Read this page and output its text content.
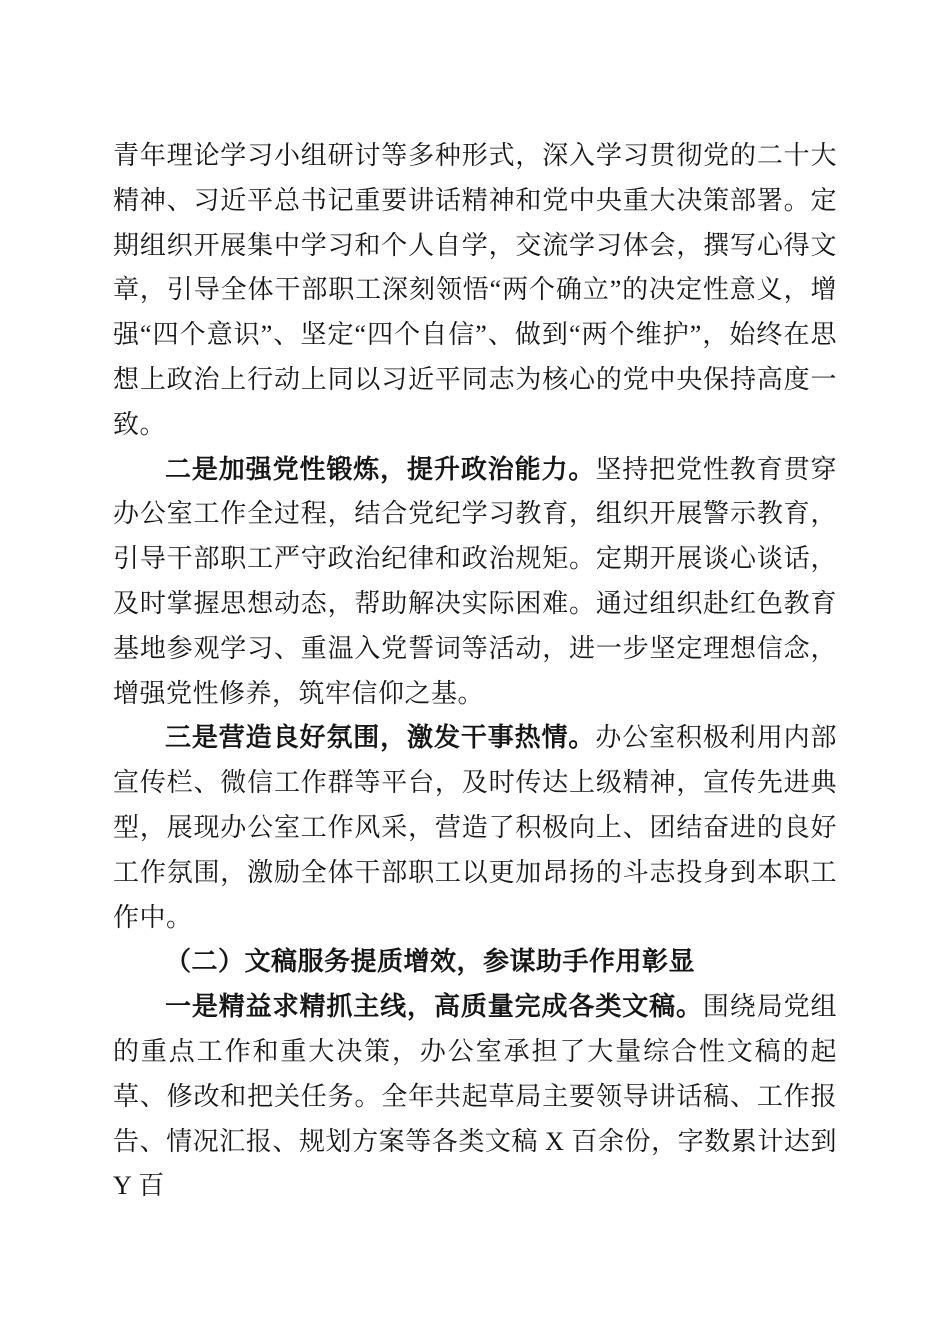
青年理论学习小组研讨等多种形式，深入学习贯彻党的二十大精神、习近平总书记重要讲话精神和党中央重大决策部署。定期组织开展集中学习和个人自学，交流学习体会，撰写心得文章，引导全体干部职工深刻领悟“两个确立”的决定性意义，增强“四个意识”、坚定“四个自信”、做到“两个维护”，始终在思想上政治上行动上同以习近平同志为核心的党中央保持高度一致。

二是加强党性锻炼，提升政治能力。坚持把党性教育贯穿办公室工作全过程，结合党纪学习教育，组织开展警示教育，引导干部职工严守政治纪律和政治规矩。定期开展谈心谈话，及时掌握思想动态，帮助解决实际困难。通过组织赴红色教育基地参观学习、重温入党誓词等活动，进一步坚定理想信念，增强党性修养，筑牢信仰之基。

三是营造良好氛围，激发干事热情。办公室积极利用内部宣传栏、微信工作群等平台，及时传达上级精神，宣传先进典型，展现办公室工作风采，营造了积极向上、团结奋进的良好工作氛围，激励全体干部职工以更加昂扬的斗志投身到本职工作中。

（二）文稿服务提质增效，参谋助手作用彰显

一是精益求精抓主线，高质量完成各类文稿。围绕局党组的重点工作和重大决策，办公室承担了大量综合性文稿的起草、修改和把关任务。全年共起草局主要领导讲话稿、工作报告、情况汇报、规划方案等各类文稿 X 百余份，字数累计达到 Y 百
